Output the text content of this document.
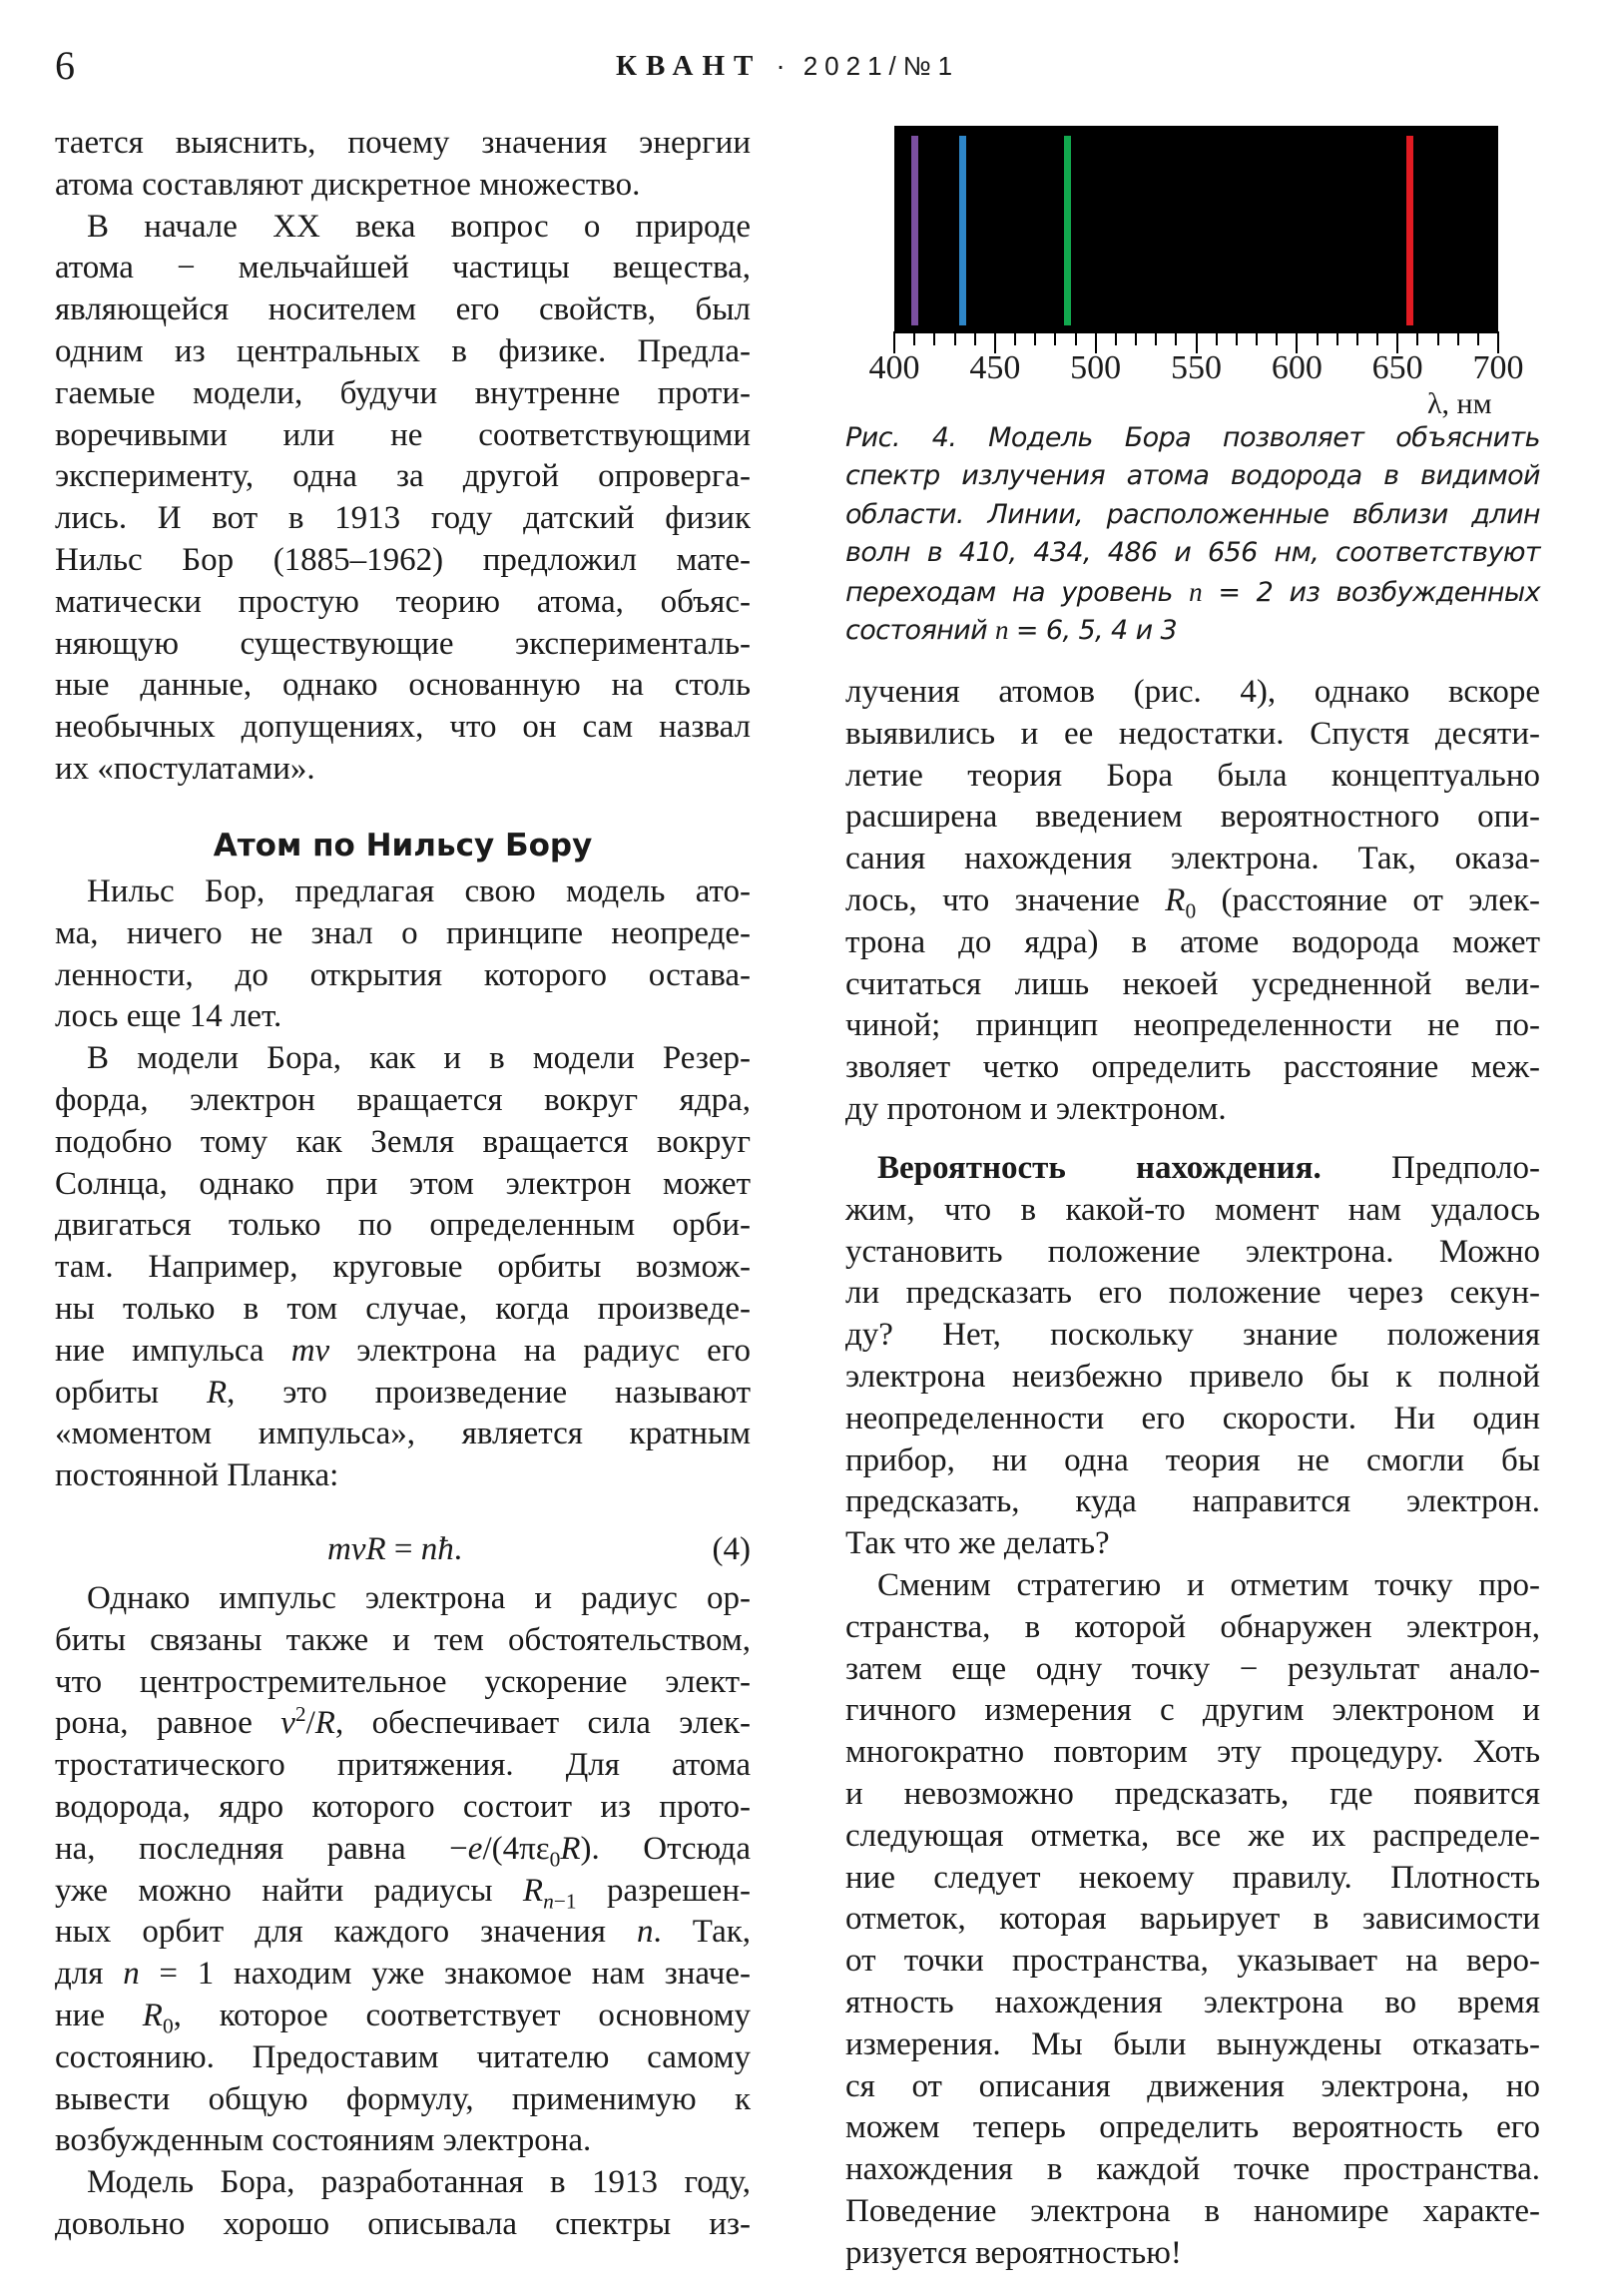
6	КВАНТ · 2021/№1
тается выяснить, почему значения энергии
атома составляют дискретное множество.
В начале XX века вопрос о природе
атома − мельчайшей частицы вещества,
являющейся носителем его свойств, был
одним из центральных в физике. Предла-
гаемые модели, будучи внутренне проти-
воречивыми или не соответствующими
эксперименту, одна за другой опроверга-
лись. И вот в 1913 году датский физик
Нильс Бор (1885–1962) предложил мате-
матически простую теорию атома, объяс-
няющую существующие эксперименталь-
ные данные, однако основанную на столь
необычных допущениях, что он сам назвал
их «постулатами».
Атом по Нильсу Бору
Нильс Бор, предлагая свою модель ато-
ма, ничего не знал о принципе неопреде-
ленности, до открытия которого остава-
лось еще 14 лет.
В модели Бора, как и в модели Резер-
форда, электрон вращается вокруг ядра,
подобно тому как Земля вращается вокруг
Солнца, однако при этом электрон может
двигаться только по определенным орби-
там. Например, круговые орбиты возмож-
ны только в том случае, когда произведе-
ние импульса mv электрона на радиус его
орбиты R, это произведение называют
«моментом импульса», является кратным
постоянной Планка:
mvR = nħ.	(4)
Однако импульс электрона и радиус ор-
биты связаны также и тем обстоятельством,
что центростремительное ускорение элект-
рона, равное $v^2/R$, обеспечивает сила элек-
тростатического притяжения. Для атома
водорода, ядро которого состоит из прото-
на, последняя равна $-e/(4\pi\varepsilon_0R)$. Отсюда
уже можно найти радиусы $R_{n-1}$ разрешен-
ных орбит для каждого значения n. Так,
для n = 1 находим уже знакомое нам значе-
ние $R_0$, которое соответствует основному
состоянию. Предоставим читателю самому
вывести общую формулу, применимую к
возбужденным состояниям электрона.
Модель Бора, разработанная в 1913 году,
довольно хорошо описывала спектры из-
400 450 500 550 600 650 700
λ, нм
Рис. 4. Модель Бора позволяет объяснить
спектр излучения атома водорода в видимой
области. Линии, расположенные вблизи длин
волн в 410, 434, 486 и 656 нм, соответствуют
переходам на уровень n = 2 из возбужденных
состояний n = 6, 5, 4 и 3
лучения атомов (рис. 4), однако вскоре
выявились и ее недостатки. Спустя десяти-
летие теория Бора была концептуально
расширена введением вероятностного опи-
сания нахождения электрона. Так, оказа-
лось, что значение $R_0$ (расстояние от элек-
трона до ядра) в атоме водорода может
считаться лишь некоей усредненной вели-
чиной; принцип неопределенности не по-
зволяет четко определить расстояние меж-
ду протоном и электроном.
Вероятность нахождения. Предполо-
жим, что в какой-то момент нам удалось
установить положение электрона. Можно
ли предсказать его положение через секун-
ду? Нет, поскольку знание положения
электрона неизбежно привело бы к полной
неопределенности его скорости. Ни один
прибор, ни одна теория не смогли бы
предсказать, куда направится электрон.
Так что же делать?
Сменим стратегию и отметим точку про-
странства, в которой обнаружен электрон,
затем еще одну точку − результат анало-
гичного измерения с другим электроном и
многократно повторим эту процедуру. Хоть
и невозможно предсказать, где появится
следующая отметка, все же их распределе-
ние следует некоему правилу. Плотность
отметок, которая варьирует в зависимости
от точки пространства, указывает на веро-
ятность нахождения электрона во время
измерения. Мы были вынуждены отказать-
ся от описания движения электрона, но
можем теперь определить вероятность его
нахождения в каждой точке пространства.
Поведение электрона в наномире характе-
ризуется вероятностью!
